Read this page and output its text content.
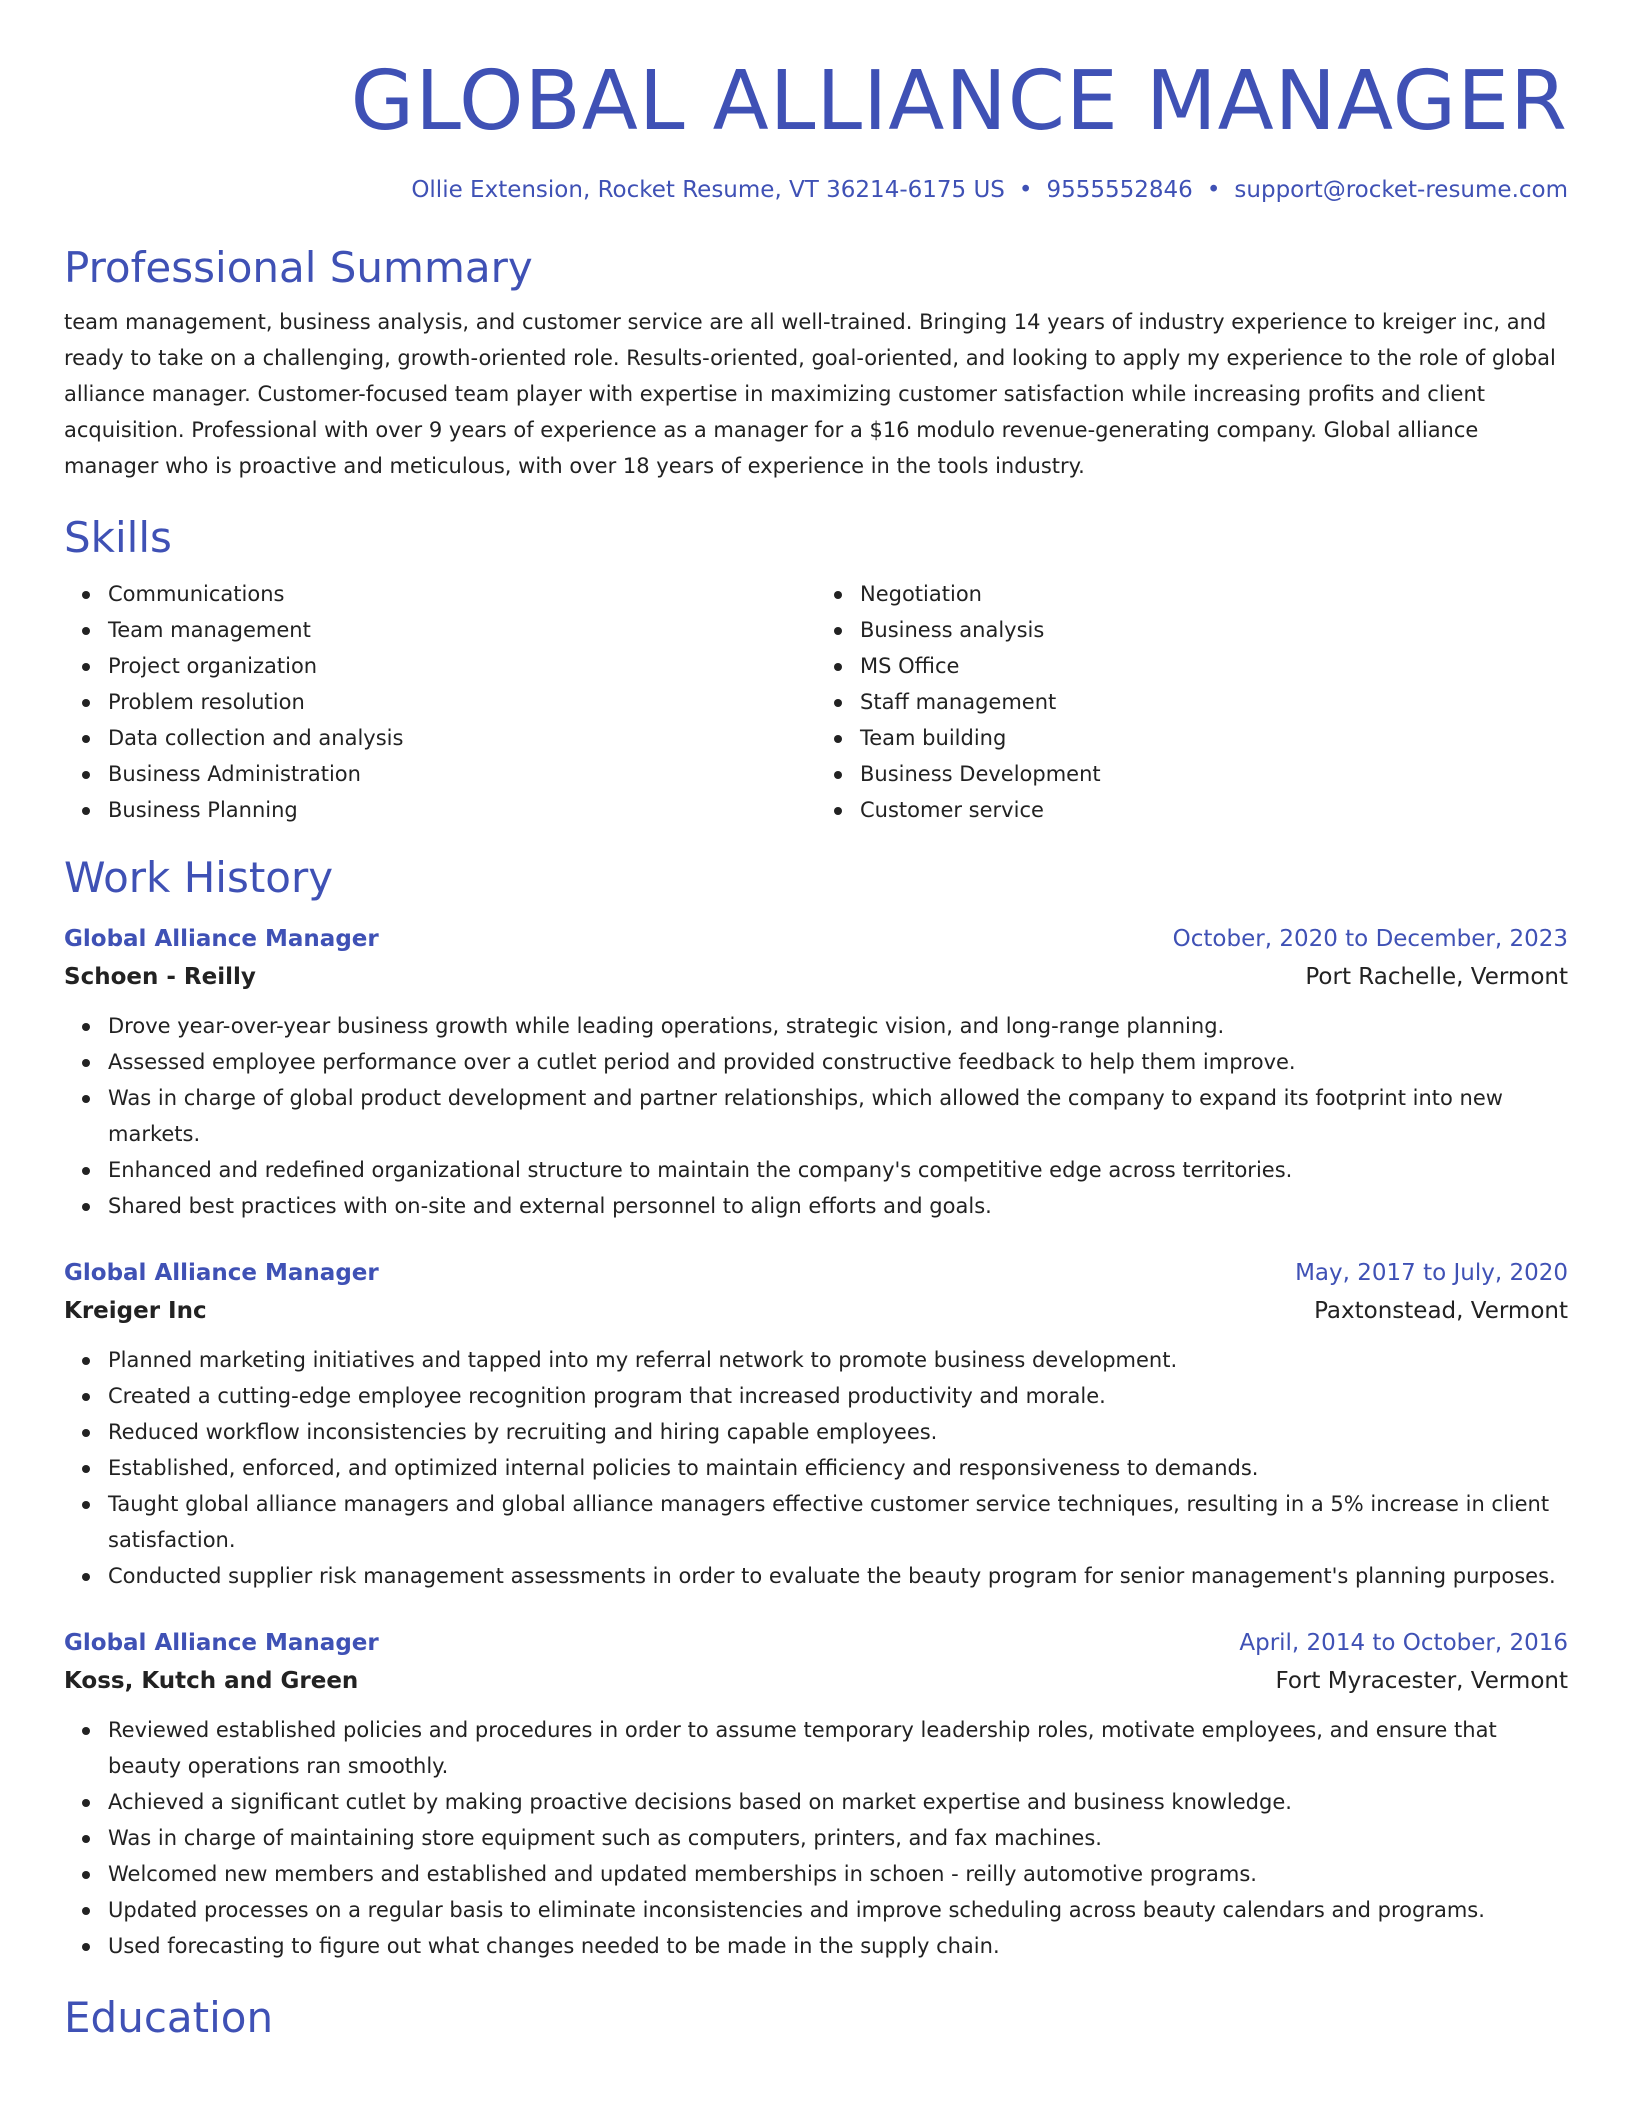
GLOBAL ALLIANCE MANAGER
Ollie Extension, Rocket Resume, VT 36214-6175 US • 9555552846 • support@rocket-resume.com
Professional Summary
team management, business analysis, and customer service are all well-trained. Bringing 14 years of industry experience to kreiger inc, and ready to take on a challenging, growth-oriented role. Results-oriented, goal-oriented, and looking to apply my experience to the role of global alliance manager. Customer-focused team player with expertise in maximizing customer satisfaction while increasing profits and client acquisition. Professional with over 9 years of experience as a manager for a $16 modulo revenue-generating company. Global alliance manager who is proactive and meticulous, with over 18 years of experience in the tools industry.
Skills
Communications
Team management
Project organization
Problem resolution
Data collection and analysis
Business Administration
Business Planning
Negotiation
Business analysis
MS Office
Staff management
Team building
Business Development
Customer service
Work History
Global Alliance Manager	October, 2020 to December, 2023
Schoen - Reilly	Port Rachelle, Vermont
Drove year-over-year business growth while leading operations, strategic vision, and long-range planning.
Assessed employee performance over a cutlet period and provided constructive feedback to help them improve.
Was in charge of global product development and partner relationships, which allowed the company to expand its footprint into new markets.
Enhanced and redefined organizational structure to maintain the company's competitive edge across territories.
Shared best practices with on-site and external personnel to align efforts and goals.
Global Alliance Manager	May, 2017 to July, 2020
Kreiger Inc	Paxtonstead, Vermont
Planned marketing initiatives and tapped into my referral network to promote business development.
Created a cutting-edge employee recognition program that increased productivity and morale.
Reduced workflow inconsistencies by recruiting and hiring capable employees.
Established, enforced, and optimized internal policies to maintain efficiency and responsiveness to demands.
Taught global alliance managers and global alliance managers effective customer service techniques, resulting in a 5% increase in client satisfaction.
Conducted supplier risk management assessments in order to evaluate the beauty program for senior management's planning purposes.
Global Alliance Manager	April, 2014 to October, 2016
Koss, Kutch and Green	Fort Myracester, Vermont
Reviewed established policies and procedures in order to assume temporary leadership roles, motivate employees, and ensure that beauty operations ran smoothly.
Achieved a significant cutlet by making proactive decisions based on market expertise and business knowledge.
Was in charge of maintaining store equipment such as computers, printers, and fax machines.
Welcomed new members and established and updated memberships in schoen - reilly automotive programs.
Updated processes on a regular basis to eliminate inconsistencies and improve scheduling across beauty calendars and programs.
Used forecasting to figure out what changes needed to be made in the supply chain.
Education
